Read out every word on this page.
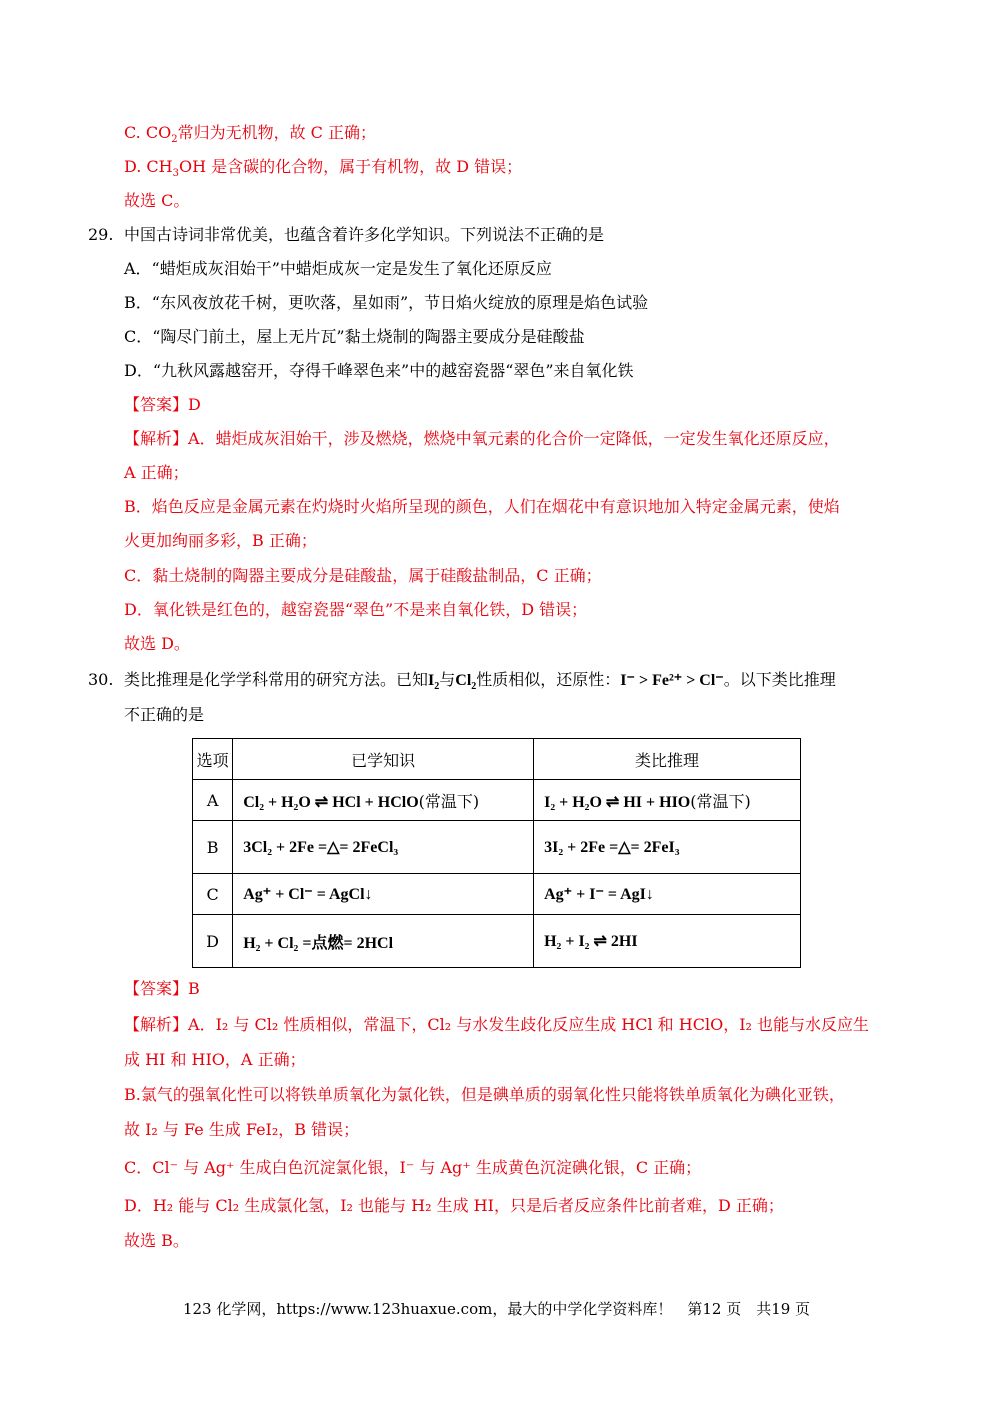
C. $CO_2$常归为无机物，故 C 正确；
D. $CH_3OH$ 是含碳的化合物，属于有机物，故 D 错误；
故选 C。
29. 中国古诗词非常优美，也蕴含着许多化学知识。下列说法不正确的是
A．“蜡炬成灰泪始干”中蜡炬成灰一定是发生了氧化还原反应
B．“东风夜放花千树，更吹落，星如雨”，节日焰火绽放的原理是焰色试验
C．“陶尽门前土，屋上无片瓦”黏土烧制的陶器主要成分是硅酸盐
D．“九秋风露越窑开，夺得千峰翠色来”中的越窑瓷器“翠色”来自氧化铁
【答案】D
【解析】A．蜡炬成灰泪始干，涉及燃烧，燃烧中氧元素的化合价一定降低，一定发生氧化还原反应，
A 正确；
B．焰色反应是金属元素在灼烧时火焰所呈现的颜色，人们在烟花中有意识地加入特定金属元素，使焰
火更加绚丽多彩，B 正确；
C．黏土烧制的陶器主要成分是硅酸盐，属于硅酸盐制品，C 正确；
D．氧化铁是红色的，越窑瓷器“翠色”不是来自氧化铁，D 错误；
故选 D。
30. 类比推理是化学学科常用的研究方法。已知$I_2$与$Cl_2$性质相似，还原性：I⁻ > Fe²⁺ > Cl⁻。以下类比推理
不正确的是
选项	已学知识	类比推理
A	Cl₂ + H₂O ⇌ HCl + HClO(常温下)	I₂ + H₂O ⇌ HI + HIO(常温下)
B	3Cl₂ + 2Fe =△= 2FeCl₃	3I₂ + 2Fe =△= 2FeI₃
C	Ag⁺ + Cl⁻ = AgCl↓	Ag⁺ + I⁻ = AgI↓
D	H₂ + Cl₂ =点燃= 2HCl	H₂ + I₂ ⇌ 2HI
【答案】B
【解析】A．I₂ 与 Cl₂ 性质相似，常温下，Cl₂ 与水发生歧化反应生成 HCl 和 HClO，I₂ 也能与水反应生
成 HI 和 HIO，A 正确；
B.氯气的强氧化性可以将铁单质氧化为氯化铁，但是碘单质的弱氧化性只能将铁单质氧化为碘化亚铁，
故 I₂ 与 Fe 生成 FeI₂，B 错误；
C．Cl⁻ 与 Ag⁺ 生成白色沉淀氯化银，I⁻ 与 Ag⁺ 生成黄色沉淀碘化银，C 正确；
D．H₂ 能与 Cl₂ 生成氯化氢，I₂ 也能与 H₂ 生成 HI，只是后者反应条件比前者难，D 正确；
故选 B。
123 化学网，https://www.123huaxue.com，最大的中学化学资料库！　第12 页　共19 页
